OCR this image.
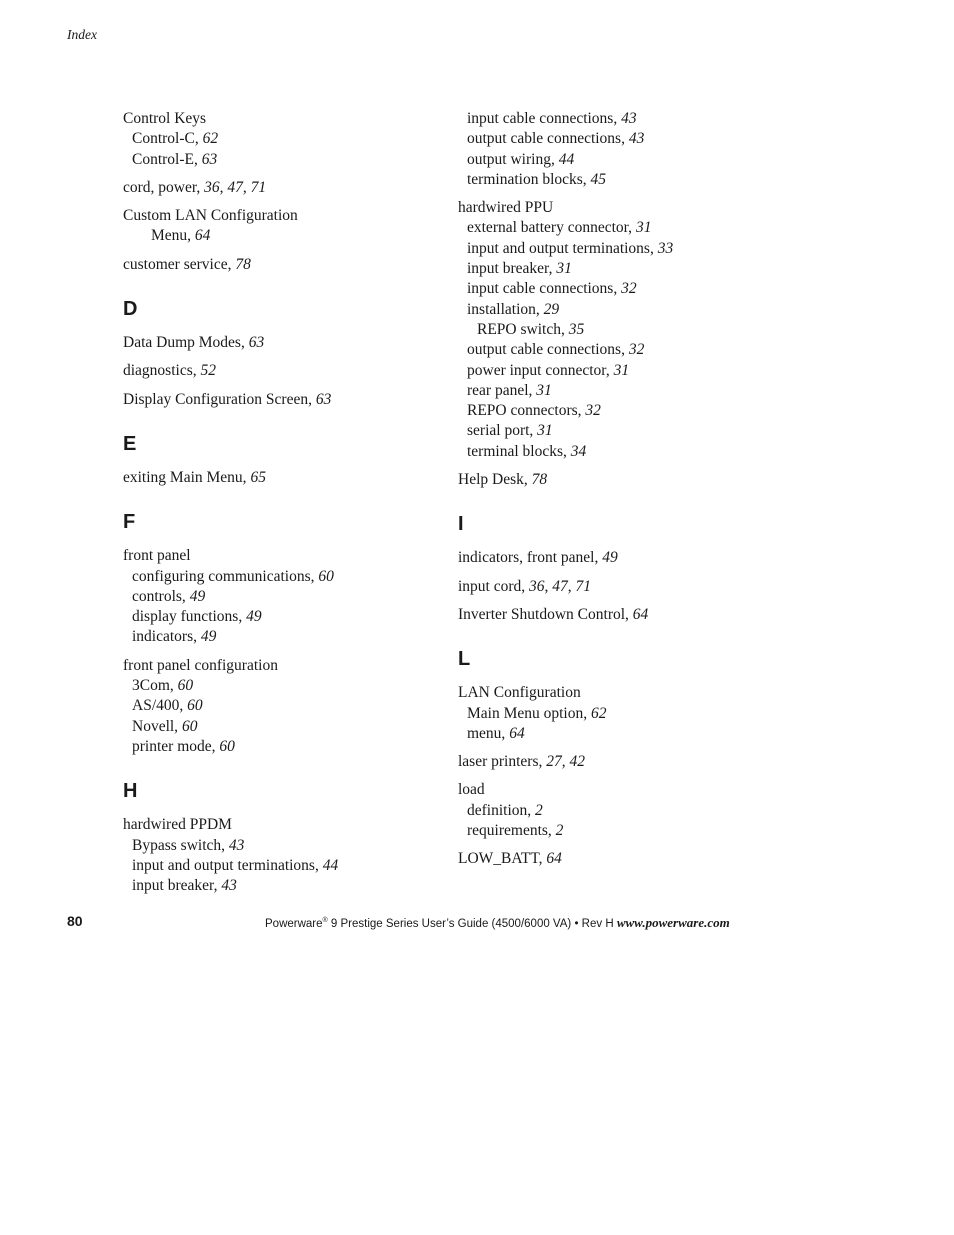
Index
Control Keys
Control-C, 62
Control-E, 63
cord, power, 36, 47, 71
Custom LAN Configuration
Menu, 64
customer service, 78
D
Data Dump Modes, 63
diagnostics, 52
Display Configuration Screen, 63
E
exiting Main Menu, 65
F
front panel
configuring communications, 60
controls, 49
display functions, 49
indicators, 49
front panel configuration
3Com, 60
AS/400, 60
Novell, 60
printer mode, 60
H
hardwired PPDM
Bypass switch, 43
input and output terminations, 44
input breaker, 43
input cable connections, 43
output cable connections, 43
output wiring, 44
termination blocks, 45
hardwired PPU
external battery connector, 31
input and output terminations, 33
input breaker, 31
input cable connections, 32
installation, 29
REPO switch, 35
output cable connections, 32
power input connector, 31
rear panel, 31
REPO connectors, 32
serial port, 31
terminal blocks, 34
Help Desk, 78
I
indicators, front panel, 49
input cord, 36, 47, 71
Inverter Shutdown Control, 64
L
LAN Configuration
Main Menu option, 62
menu, 64
laser printers, 27, 42
load
definition, 2
requirements, 2
LOW_BATT, 64
80	Powerware® 9 Prestige Series User’s Guide (4500/6000 VA) • Rev H www.powerware.com
